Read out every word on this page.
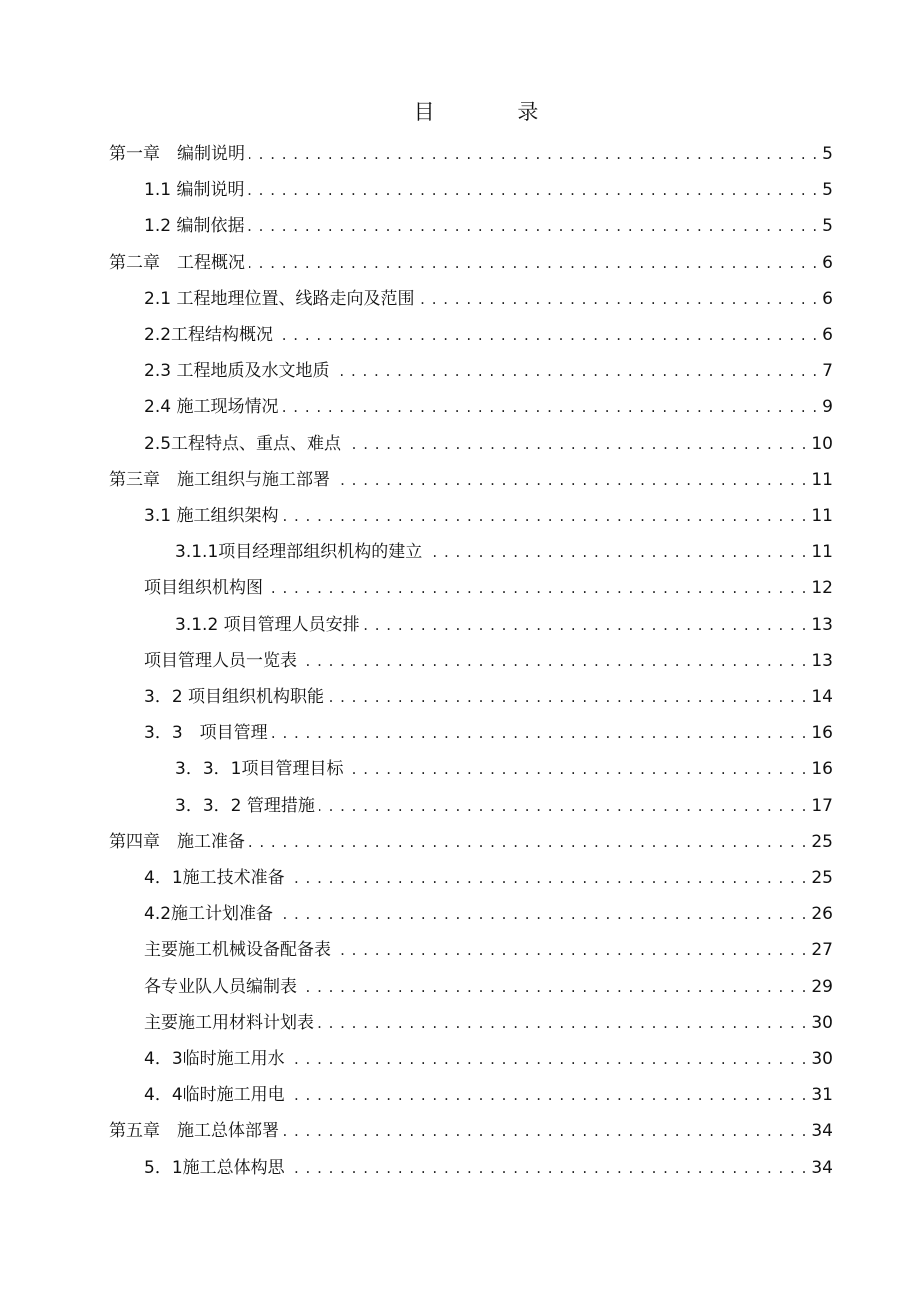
目 录
第一章　编制说明 . . .	5
1.1 编制说明 . . .	5
1.2 编制依据 . . .	5
第二章　工程概况 . . .	6
2.1 工程地理位置、线路走向及范围 . . .	6
2.2工程结构概况 . . .	6
2.3 工程地质及水文地质 . . .	7
2.4 施工现场情况 . . .	9
2.5工程特点、重点、难点 . . .	10
第三章　施工组织与施工部署 . . .	11
3.1 施工组织架构 . . .	11
3.1.1项目经理部组织机构的建立 . . .	11
项目组织机构图 . . .	12
3.1.2 项目管理人员安排 . . .	13
项目管理人员一览表 . . .	13
3．2 项目组织机构职能 . . .	14
3．3　项目管理 . . .	16
3．3．1项目管理目标 . . .	16
3．3．2 管理措施 . . .	17
第四章　施工准备 . . .	25
4．1施工技术准备 . . .	25
4.2施工计划准备 . . .	26
主要施工机械设备配备表 . . .	27
各专业队人员编制表 . . .	29
主要施工用材料计划表 . . .	30
4．3临时施工用水 . . .	30
4．4临时施工用电 . . .	31
第五章　施工总体部署 . . .	34
5．1施工总体构思 . . .	34
